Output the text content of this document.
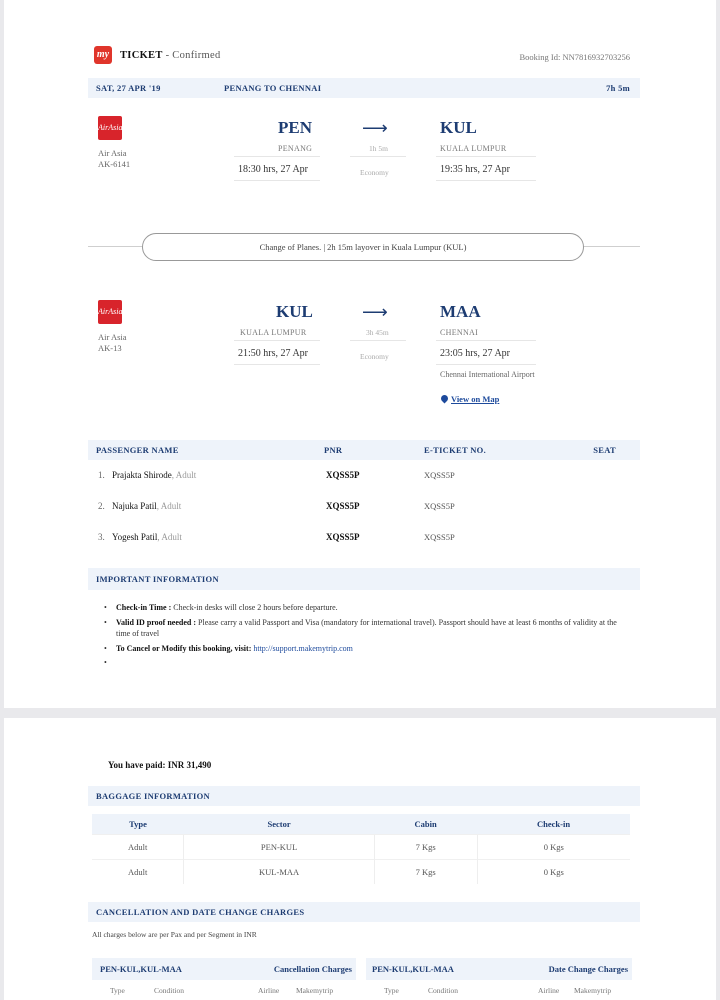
my TICKET - Confirmed	Booking Id: NN7816932703256
SAT, 27 APR '19	PENANG TO CHENNAI	7h 5m
AirAsia
Air Asia
AK-6141
PEN
PENANG
18:30 hrs, 27 Apr
⟶
1h 5m
Economy
KUL
KUALA LUMPUR
19:35 hrs, 27 Apr
Change of Planes. | 2h 15m layover in Kuala Lumpur (KUL)
AirAsia
Air Asia
AK-13
KUL
KUALA LUMPUR
21:50 hrs, 27 Apr
⟶
3h 45m
Economy
MAA
CHENNAI
23:05 hrs, 27 Apr
Chennai International Airport
View on Map
PASSENGER NAME	PNR	E-TICKET NO.	SEAT
1. Prajakta Shirode, Adult	XQSS5P	XQSS5P
2. Najuka Patil, Adult	XQSS5P	XQSS5P
3. Yogesh Patil, Adult	XQSS5P	XQSS5P
IMPORTANT INFORMATION
• Check-in Time : Check-in desks will close 2 hours before departure.
• Valid ID proof needed : Please carry a valid Passport and Visa (mandatory for international travel). Passport should have at least 6 months of validity at the time of travel
• To Cancel or Modify this booking, visit: http://support.makemytrip.com
You have paid: INR 31,490
BAGGAGE INFORMATION
Type	Sector	Cabin	Check-in
Adult	PEN-KUL	7 Kgs	0 Kgs
Adult	KUL-MAA	7 Kgs	0 Kgs
CANCELLATION AND DATE CHANGE CHARGES
All charges below are per Pax and per Segment in INR
PEN-KUL,KUL-MAA	Cancellation Charges PEN-KUL,KUL-MAA	Date Change Charges
Type	Condition	Airline Makemytrip	Type	Condition	Airline Makemytrip
